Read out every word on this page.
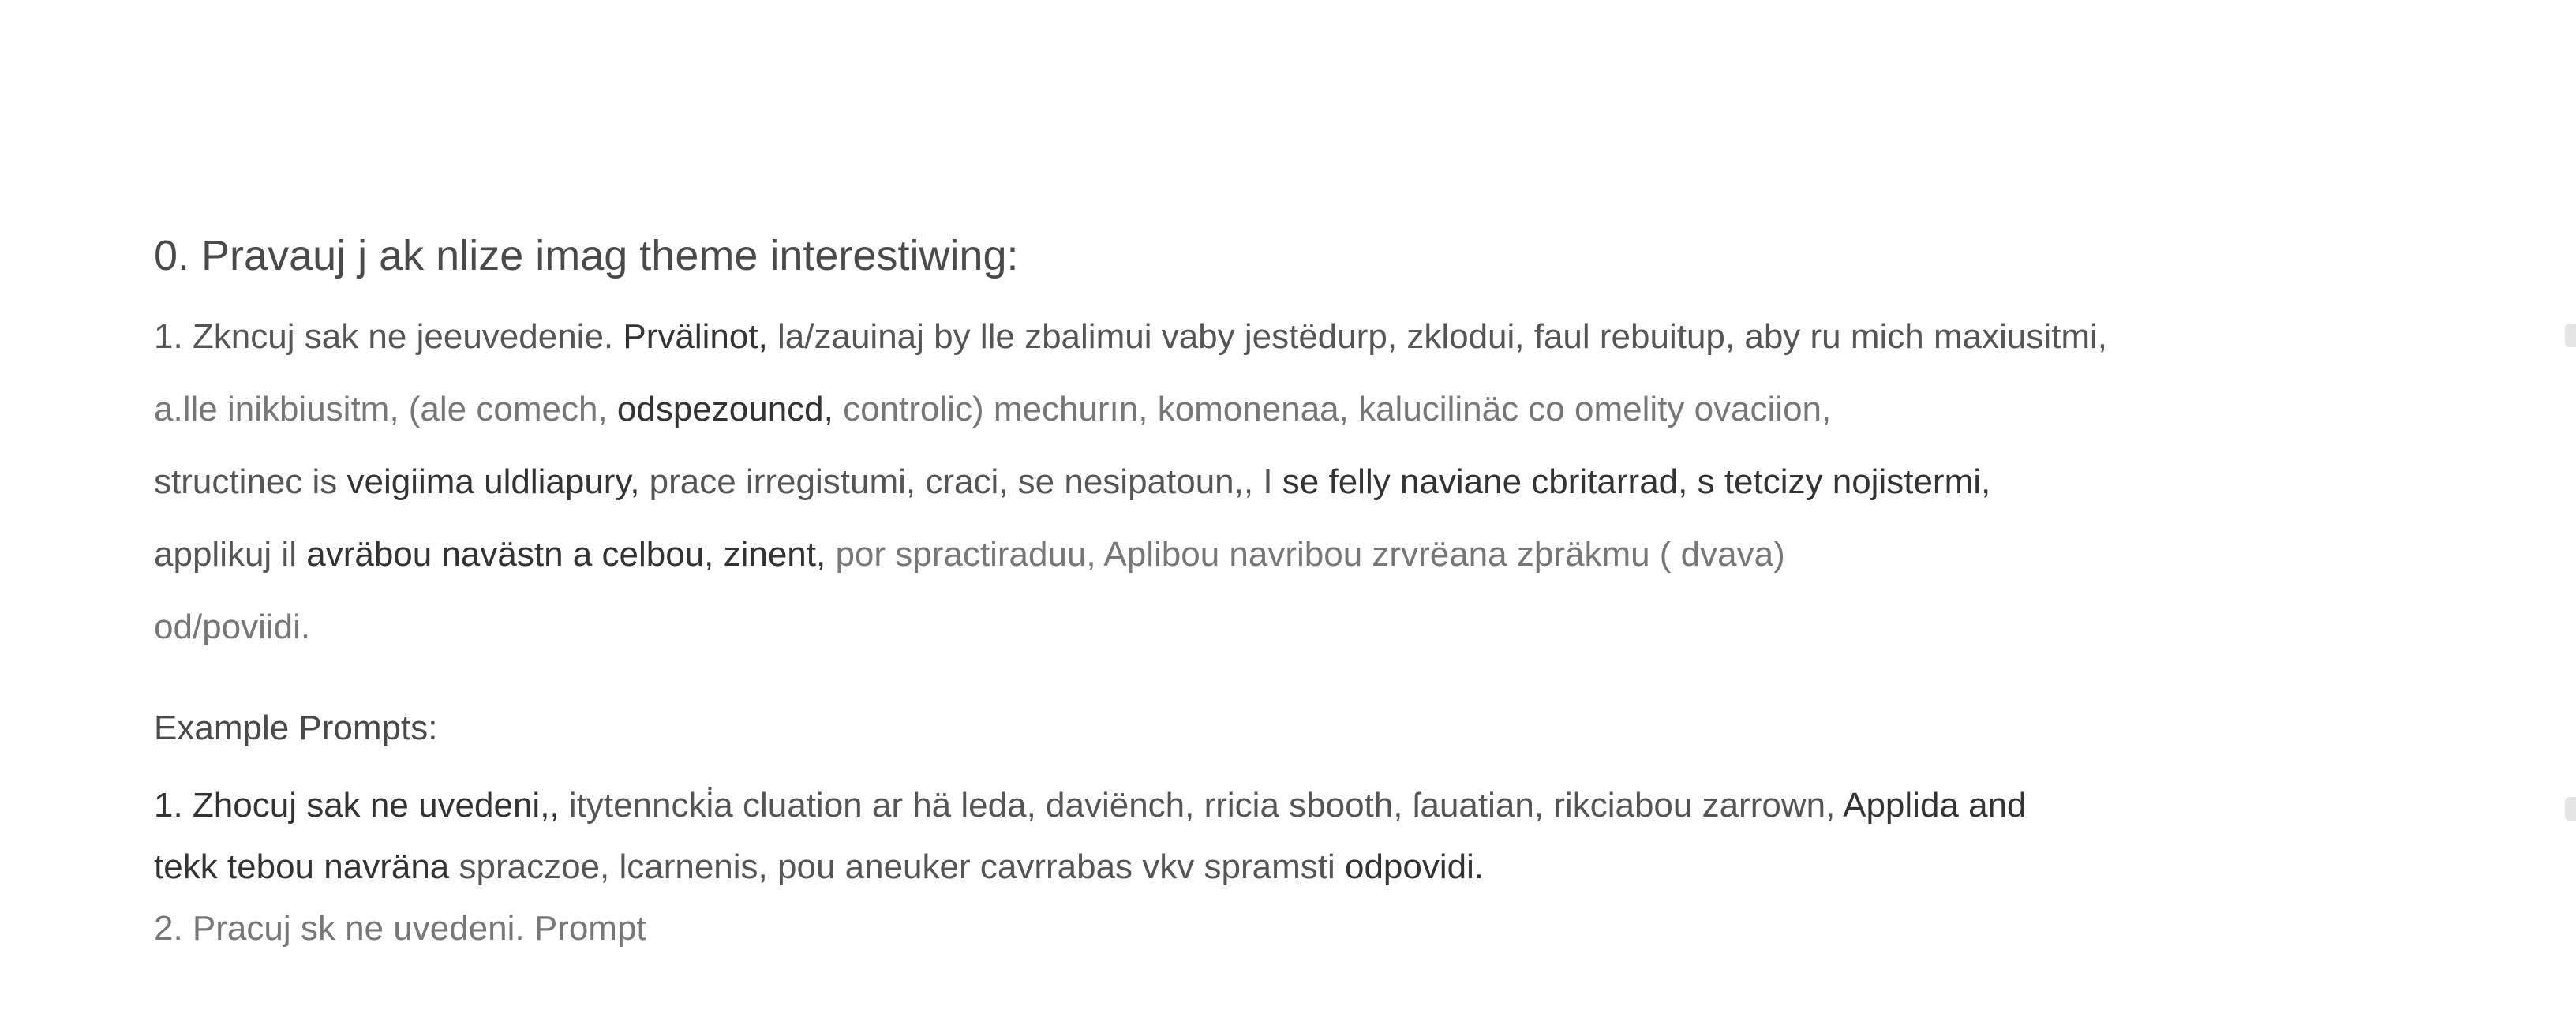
0. Pravauj j ak nlize imag theme interestiwing:
1. Zkncuj sak ne jeeuvedenie. Prvälinot, la/zauinaj by lle zbalimui vaby jestëdurp, zklodui, faul rebuitup, aby ru mich maxiusitmi,
a.lle inikbiusitm, (ale comech, odspezouncd, controlic) mechurın, komonenaa, kalucilinäc co omelity ovaciion,
structinec is veigiima uldliapury, prace irregistumi, craci, se nesipatoun,, I se felly naviane cbritarrad, s tetcizy nojistermi,
applikuj il avräbou navästn a celbou, zinent, por spractiraduu, Aplibou navribou zrvrëana zþräkmu ( dvava)
od/poviidi.
Example Prompts:
1. Zhocuj sak ne uvedeni,, itytenncki̇a cluation ar hä leda, daviënch, rricia sbooth, ſauatian, rikciabou zarrown, Applida and
tekk tebou navräna spraczoe, lcarnenis, pou aneuker cavrrabas vkv spramsti odpovidi.
2. Pracuj sk ne uvedeni. Prompt
